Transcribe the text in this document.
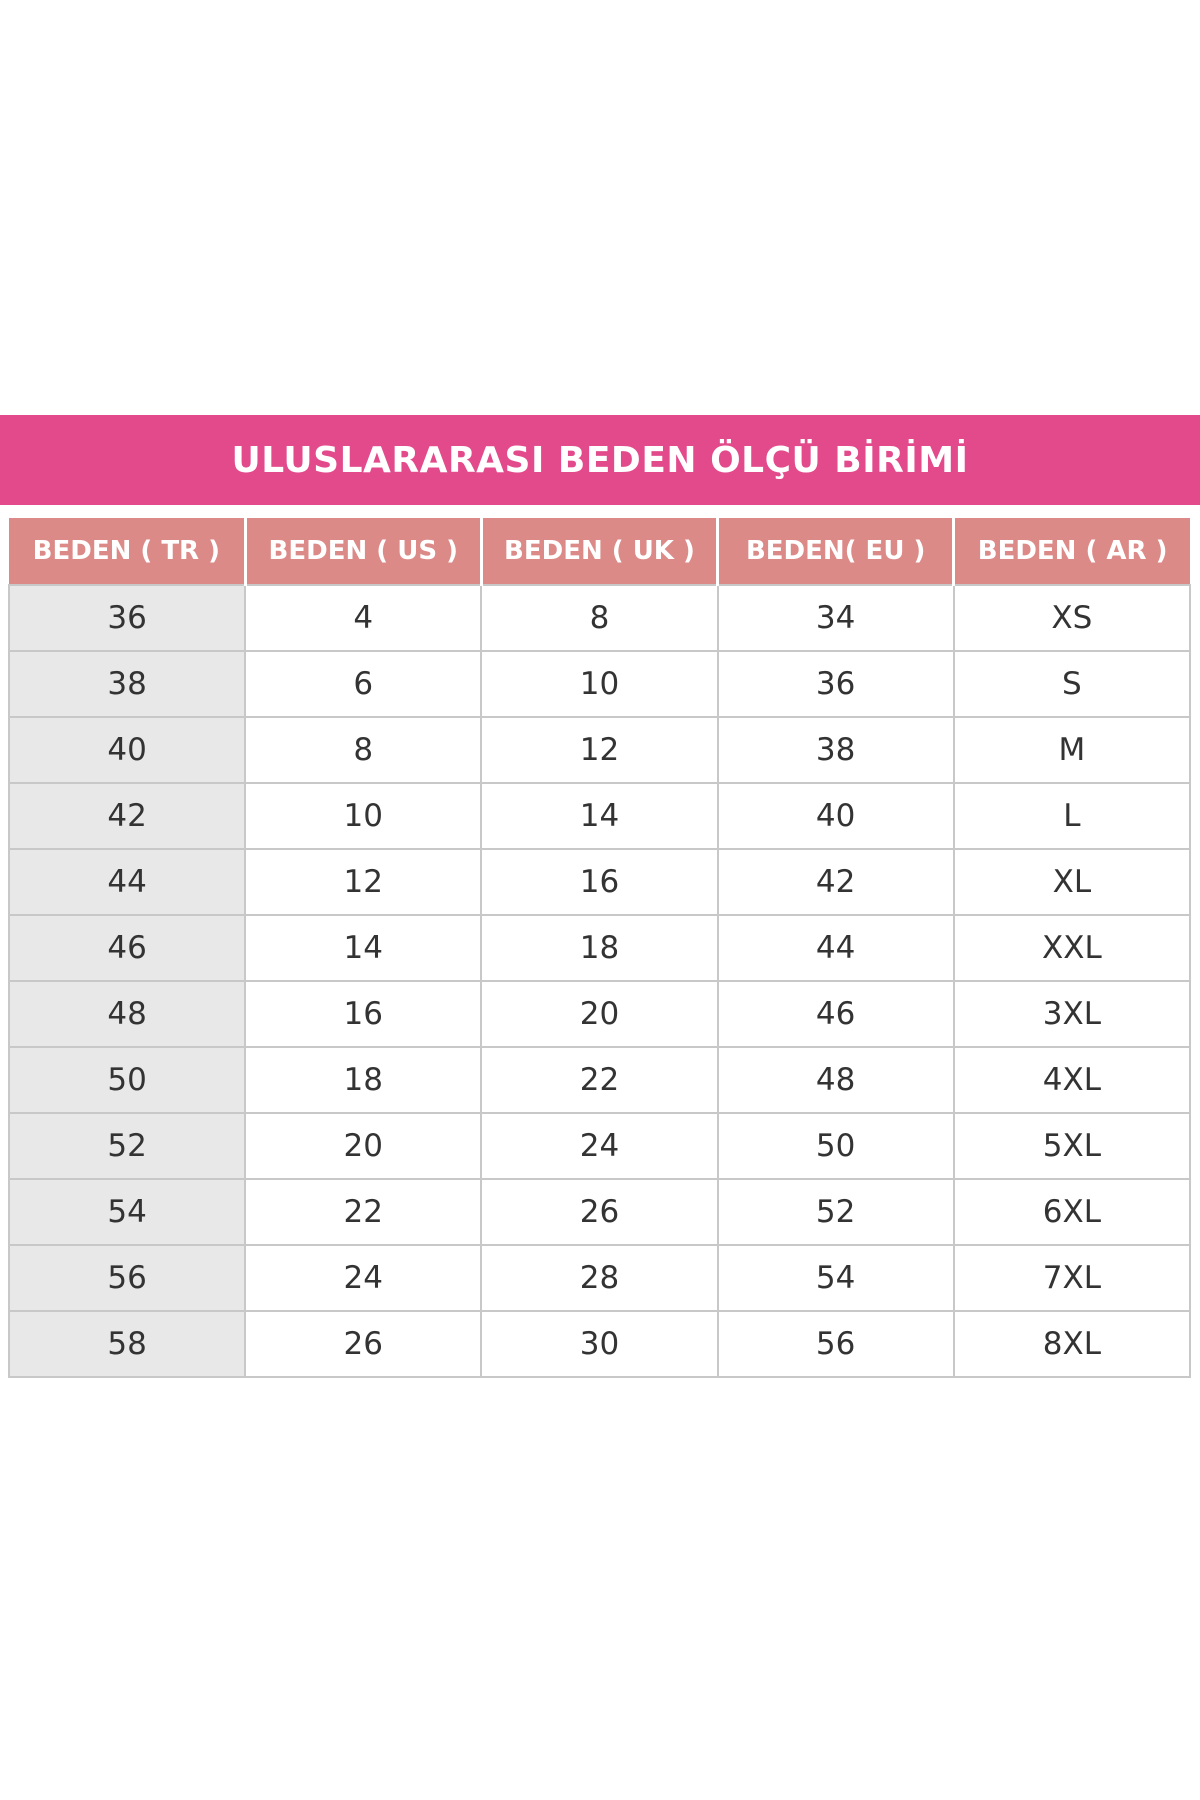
ULUSLARARASI BEDEN ÖLÇÜ BİRİMİ
BEDEN ( TR )	BEDEN ( US )	BEDEN ( UK )	BEDEN( EU )	BEDEN ( AR )
36	4	8	34	XS
38	6	10	36	S
40	8	12	38	M
42	10	14	40	L
44	12	16	42	XL
46	14	18	44	XXL
48	16	20	46	3XL
50	18	22	48	4XL
52	20	24	50	5XL
54	22	26	52	6XL
56	24	28	54	7XL
58	26	30	56	8XL
